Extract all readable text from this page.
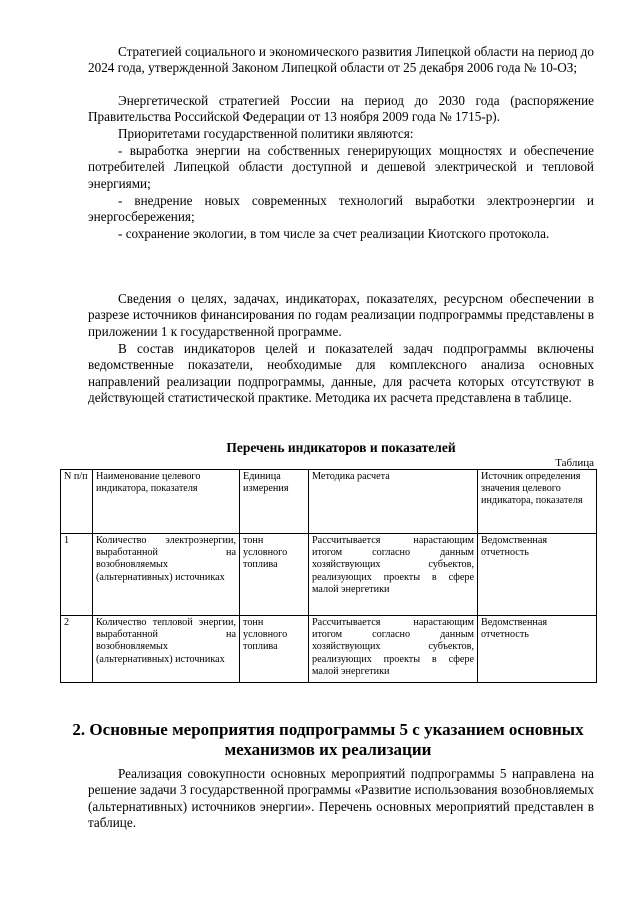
Стратегией социального и экономического развития Липецкой области на период до 2024 года, утвержденной Законом Липецкой области от 25 декабря 2006 года № 10-ОЗ;

Энергетической стратегией России на период до 2030 года (распоряжение Правительства Российской Федерации от 13 ноября 2009 года № 1715-р).

Приоритетами государственной политики являются:

- выработка энергии на собственных генерирующих мощностях и обеспечение потребителей Липецкой области доступной и дешевой электрической и тепловой энергиями;

- внедрение новых современных технологий выработки электроэнергии и энергосбережения;

- сохранение экологии, в том числе за счет реализации Киотского протокола.

Сведения о целях, задачах, индикаторах, показателях, ресурсном обеспечении в разрезе источников финансирования по годам реализации подпрограммы представлены в приложении 1 к государственной программе.

В состав индикаторов целей и показателей задач подпрограммы включены ведомственные показатели, необходимые для комплексного анализа основных направлений реализации подпрограммы, данные, для расчета которых отсутствуют в действующей статистической практике. Методика их расчета представлена в таблице.

Перечень индикаторов и показателей

Таблица
N п/п	Наименование целевого индикатора, показателя	Единица измерения	Методика расчета	Источник определения значения целевого индикатора, показателя
1	Количество электроэнергии, выработанной на возобновляемых (альтернативных) источниках	тонн условного топлива	Рассчитывается нарастающим итогом согласно данным хозяйствующих субъектов, реализующих проекты в сфере малой энергетики	Ведомственная отчетность
2	Количество тепловой энергии, выработанной на возобновляемых (альтернативных) источниках	тонн условного топлива	Рассчитывается нарастающим итогом согласно данным хозяйствующих субъектов, реализующих проекты в сфере малой энергетики	Ведомственная отчетность
2. Основные мероприятия подпрограммы 5 с указанием основных механизмов их реализации

Реализация совокупности основных мероприятий подпрограммы 5 направлена на решение задачи 3 государственной программы «Развитие использования возобновляемых (альтернативных) источников энергии». Перечень основных мероприятий представлен в таблице.
